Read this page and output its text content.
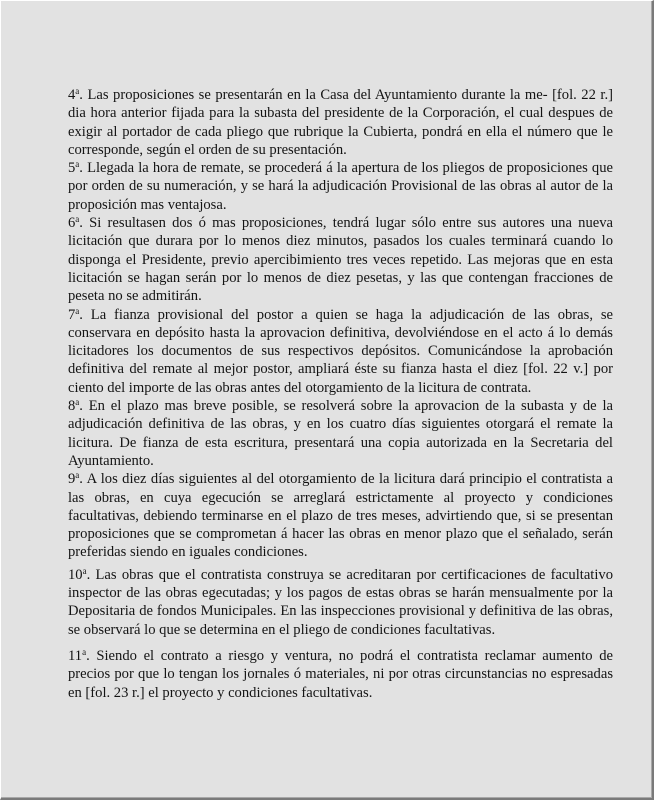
4$^a$. Las proposiciones se presentarán en la Casa del Ayuntamiento durante la me- [fol. 22 r.] dia hora anterior fijada para la subasta del presidente de la Corporación, el cual despues de exigir al portador de cada pliego que rubrique la Cubierta, pondrá en ella el número que le corresponde, según el orden de su presentación.

5$^a$. Llegada la hora de remate, se procederá á la apertura de los pliegos de proposiciones que por orden de su numeración, y se hará la adjudicación Provisional de las obras al autor de la proposición mas ventajosa.

6$^a$. Si resultasen dos ó mas proposiciones, tendrá lugar sólo entre sus autores una nueva licitación que durara por lo menos diez minutos, pasados los cuales terminará cuando lo disponga el Presidente, previo apercibimiento tres veces repetido. Las mejoras que en esta licitación se hagan serán por lo menos de diez pesetas, y las que contengan fracciones de peseta no se admitirán.

7$^a$. La fianza provisional del postor a quien se haga la adjudicación de las obras, se conservara en depósito hasta la aprovacion definitiva, devolviéndose en el acto á lo demás licitadores los documentos de sus respectivos depósitos. Comunicándose la aprobación definitiva del remate al mejor postor, ampliará éste su fianza hasta el diez [fol. 22 v.] por ciento del importe de las obras antes del otorgamiento de la licitura de contrata.

8$^a$. En el plazo mas breve posible, se resolverá sobre la aprovacion de la subasta y de la adjudicación definitiva de las obras, y en los cuatro días siguientes otorgará el remate la licitura. De fianza de esta escritura, presentará una copia autorizada en la Secretaria del Ayuntamiento.

9$^a$. A los diez días siguientes al del otorgamiento de la licitura dará principio el contratista a las obras, en cuya egecución se arreglará estrictamente al proyecto y condiciones facultativas, debiendo terminarse en el plazo de tres meses, advirtiendo que, si se presentan proposiciones que se comprometan á hacer las obras en menor plazo que el señalado, serán preferidas siendo en iguales condiciones.

10$^a$. Las obras que el contratista construya se acreditaran por certificaciones de facultativo inspector de las obras egecutadas; y los pagos de estas obras se harán mensualmente por la Depositaria de fondos Municipales. En las inspecciones provisional y definitiva de las obras, se observará lo que se determina en el pliego de condiciones facultativas.

11$^a$. Siendo el contrato a riesgo y ventura, no podrá el contratista reclamar aumento de precios por que lo tengan los jornales ó materiales, ni por otras circunstancias no espresadas en [fol. 23 r.] el proyecto y condiciones facultativas.
